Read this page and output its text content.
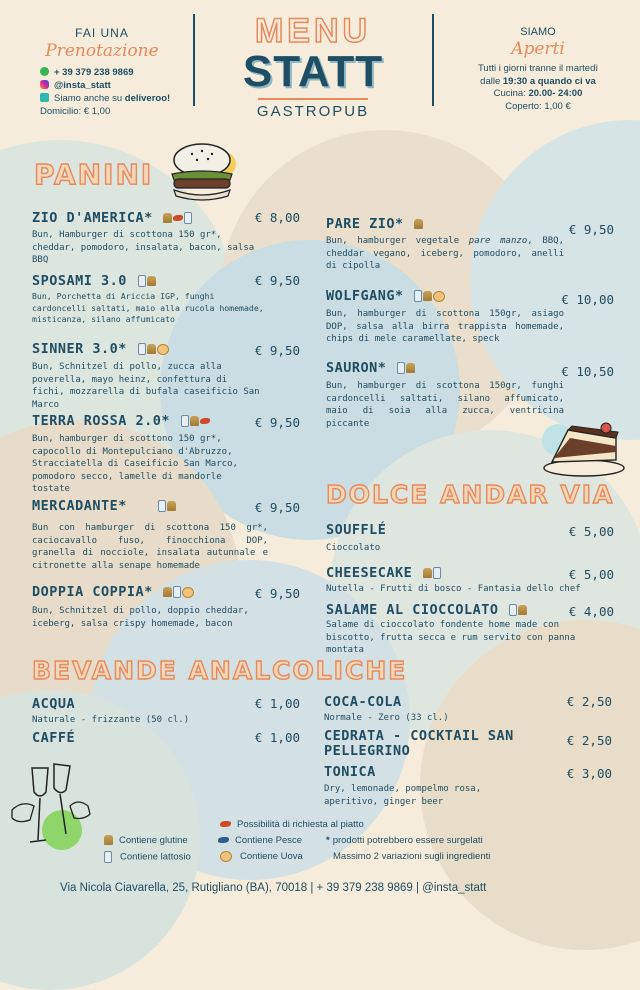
FAI UNA
Prenotazione
+ 39 379 238 9869
@insta_statt
Siamo anche su deliveroo!
Domicilio: € 1,00
MENU
STATT
GASTROPUB
SIAMO
Aperti
Tutti i giorni tranne il martedì
dalle 19:30 a quando ci va
Cucina: 20.00- 24:00
Coperto: 1,00 €
PANINI
ZIO D'AMERICA*	€ 8,00
Bun, Hamburger di scottona 150 gr*, cheddar, pomodoro, insalata, bacon, salsa BBQ
SPOSAMI 3.0	€ 9,50
Bun, Porchetta di Ariccia IGP, funghi cardoncelli saltati, maio alla rucola homemade, misticanza, silano affumicato
SINNER 3.0*	€ 9,50
Bun, Schnitzel di pollo, zucca alla poverella, mayo heinz, confettura di fichi, mozzarella di bufala caseificio San Marco
TERRA ROSSA 2.0*	€ 9,50
Bun, hamburger di scottono 150 gr*, capocollo di Montepulciano d'Abruzzo, Stracciatella di Caseificio San Marco, pomodoro secco, lamelle di mandorle tostate
MERCADANTE*	€ 9,50
Bun con hamburger di scottona 150 gr*, caciocavallo fuso, finocchiona DOP, granella di nocciole, insalata autunnale e citronette alla senape homemade
DOPPIA COPPIA*	€ 9,50
Bun, Schnitzel di pollo, doppio cheddar, iceberg, salsa crispy homemade, bacon
PARE ZIO*	€ 9,50
Bun, hamburger vegetale pare manzo, BBQ, cheddar vegano, iceberg, pomodoro, anelli di cipolla
WOLFGANG*	€ 10,00
Bun, hamburger di scottona 150gr, asiago DOP, salsa alla birra trappista homemade, chips di mele caramellate, speck
SAURON*	€ 10,50
Bun, hamburger di scottona 150gr, funghi cardoncelli saltati, silano affumicato, maio di soia alla zucca, ventricina piccante
DOLCE ANDAR VIA
SOUFFLÉ	€ 5,00
Cioccolato
CHEESECAKE	€ 5,00
Nutella - Frutti di bosco - Fantasia dello chef
SALAME AL CIOCCOLATO	€ 4,00
Salame di cioccolato fondente home made con biscotto, frutta secca e rum servito con panna montata
BEVANDE ANALCOLICHE
ACQUA	€ 1,00
Naturale - frizzante (50 cl.)
CAFFÉ	€ 1,00
COCA-COLA	€ 2,50
Normale - Zero (33 cl.)
CEDRATA - COCKTAIL SAN PELLEGRINO
€ 2,50
TONICA	€ 3,00
Dry, lemonade, pompelmo rosa, aperitivo, ginger beer
Possibilità di richiesta al piatto
Contiene glutine	Contiene Pesce	* prodotti potrebbero essere surgelati
Contiene lattosio	Contiene Uova	Massimo 2 variazioni sugli ingredienti
Via Nicola Ciavarella, 25, Rutigliano (BA), 70018 | + 39 379 238 9869 | @insta_statt
